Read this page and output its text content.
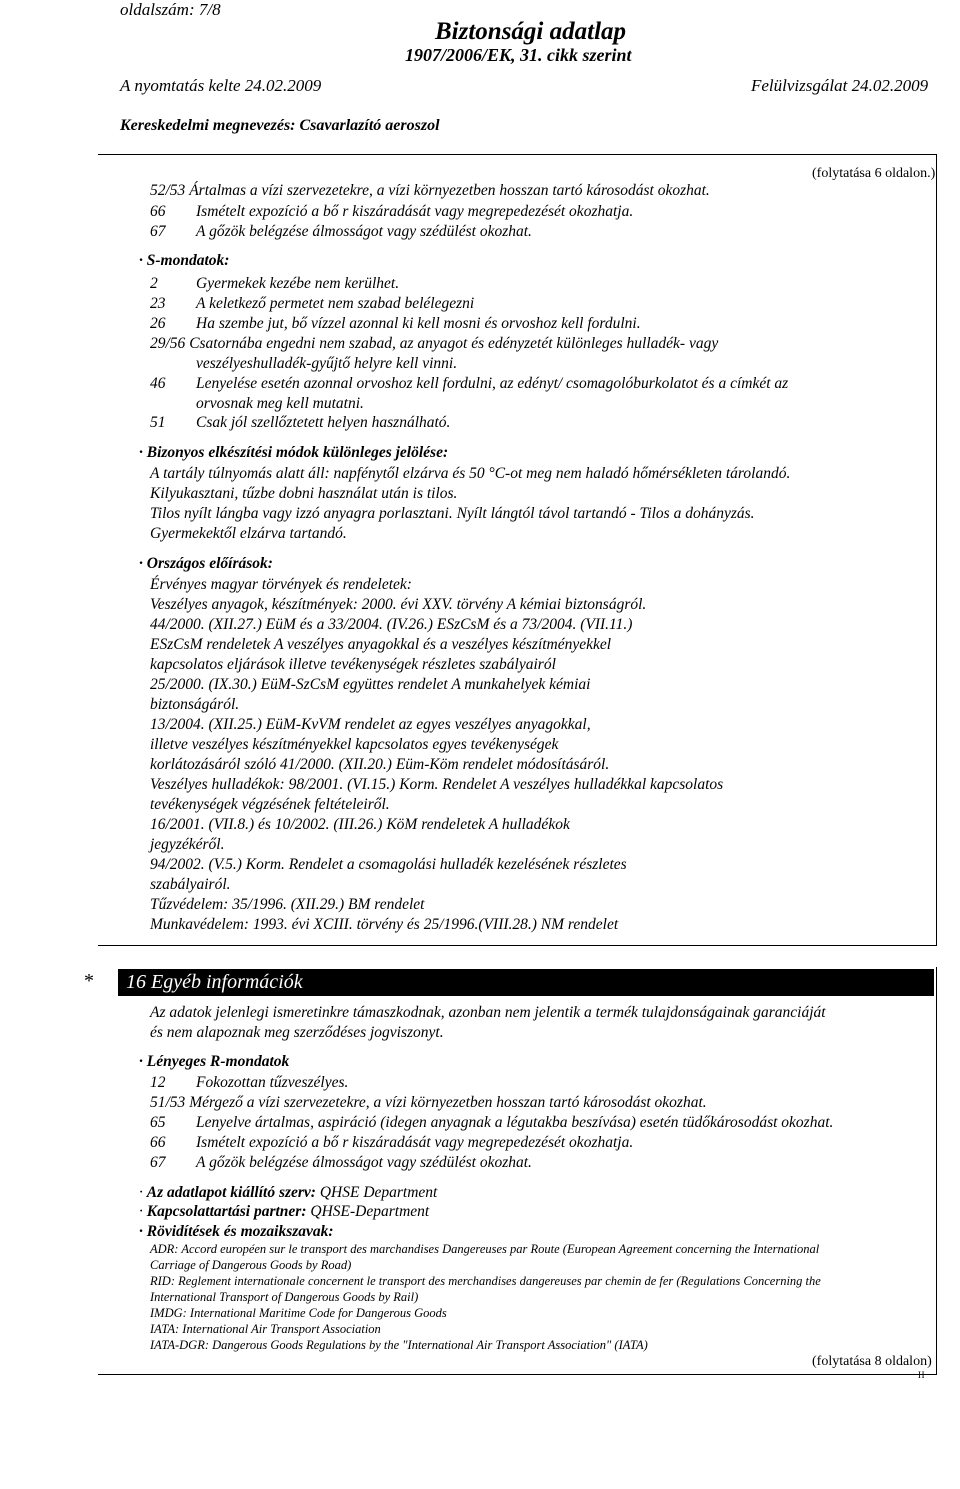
oldalszám: 7/8
Biztonsági adatlap
1907/2006/EK, 31. cikk szerint
A nyomtatás kelte 24.02.2009	Felülvizsgálat 24.02.2009
Kereskedelmi megnevezés: Csavarlazító aeroszol
(folytatása 6 oldalon.)
52/53 Ártalmas a vízi szervezetekre, a vízi környezetben hosszan tartó károsodást okozhat.
66 Ismételt expozíció a bő r kiszáradását vagy megrepedezését okozhatja.
67 A gőzök belégzése álmosságot vagy szédülést okozhat.
· S-mondatok:
2 Gyermekek kezébe nem kerülhet.
23 A keletkező permetet nem szabad belélegezni
26 Ha szembe jut, bő vízzel azonnal ki kell mosni és orvoshoz kell fordulni.
29/56 Csatornába engedni nem szabad, az anyagot és edényzetét különleges hulladék- vagy
veszélyeshulladék-gyűjtő helyre kell vinni.
46 Lenyelése esetén azonnal orvoshoz kell fordulni, az edényt/ csomagolóburkolatot és a címkét az
orvosnak meg kell mutatni.
51 Csak jól szellőztetett helyen használható.
· Bizonyos elkészítési módok különleges jelölése:
A tartály túlnyomás alatt áll: napfénytől elzárva és 50 °C-ot meg nem haladó hőmérsékleten tárolandó.
Kilyukasztani, tűzbe dobni használat után is tilos.
Tilos nyílt lángba vagy izzó anyagra porlasztani. Nyílt lángtól távol tartandó - Tilos a dohányzás.
Gyermekektől elzárva tartandó.
· Országos előírások:
Érvényes magyar törvények és rendeletek:
Veszélyes anyagok, készítmények: 2000. évi XXV. törvény A kémiai biztonságról.
44/2000. (XII.27.) EüM és a 33/2004. (IV.26.) ESzCsM és a 73/2004. (VII.11.)
ESzCsM rendeletek A veszélyes anyagokkal és a veszélyes készítményekkel
kapcsolatos eljárások illetve tevékenységek részletes szabályairól
25/2000. (IX.30.) EüM-SzCsM együttes rendelet A munkahelyek kémiai
biztonságáról.
13/2004. (XII.25.) EüM-KvVM rendelet az egyes veszélyes anyagokkal,
illetve veszélyes készítményekkel kapcsolatos egyes tevékenységek
korlátozásáról szóló 41/2000. (XII.20.) Eüm-Köm rendelet módosításáról.
Veszélyes hulladékok: 98/2001. (VI.15.) Korm. Rendelet A veszélyes hulladékkal kapcsolatos
tevékenységek végzésének feltételeiről.
16/2001. (VII.8.) és 10/2002. (III.26.) KöM rendeletek A hulladékok
jegyzékéről.
94/2002. (V.5.) Korm. Rendelet a csomagolási hulladék kezelésének részletes
szabályairól.
Tűzvédelem: 35/1996. (XII.29.) BM rendelet
Munkavédelem: 1993. évi XCIII. törvény és 25/1996.(VIII.28.) NM rendelet
* 16 Egyéb információk
Az adatok jelenlegi ismeretinkre támaszkodnak, azonban nem jelentik a termék tulajdonságainak garanciáját
és nem alapoznak meg szerződéses jogviszonyt.
· Lényeges R-mondatok
12 Fokozottan tűzveszélyes.
51/53 Mérgező a vízi szervezetekre, a vízi környezetben hosszan tartó károsodást okozhat.
65 Lenyelve ártalmas, aspiráció (idegen anyagnak a légutakba beszívása) esetén tüdőkárosodást okozhat.
66 Ismételt expozíció a bő r kiszáradását vagy megrepedezését okozhatja.
67 A gőzök belégzése álmosságot vagy szédülést okozhat.
· Az adatlapot kiállító szerv: QHSE Department
· Kapcsolattartási partner: QHSE-Department
· Rövidítések és mozaikszavak:
ADR: Accord européen sur le transport des marchandises Dangereuses par Route (European Agreement concerning the International
Carriage of Dangerous Goods by Road)
RID: Reglement internationale concernent le transport des merchandises dangereuses par chemin de fer (Regulations Concerning the
International Transport of Dangerous Goods by Rail)
IMDG: International Maritime Code for Dangerous Goods
IATA: International Air Transport Association
IATA-DGR: Dangerous Goods Regulations by the "International Air Transport Association" (IATA)
(folytatása 8 oldalon)
H
